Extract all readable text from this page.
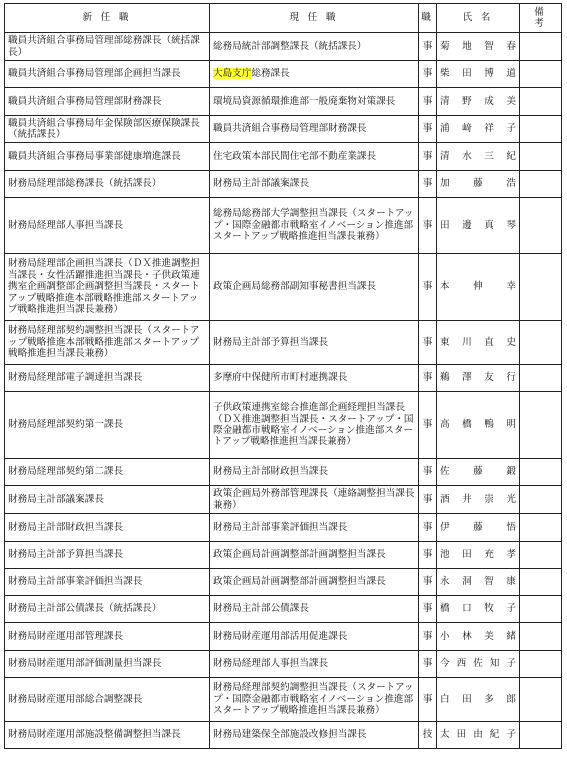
新任職	現任職	職	氏名	備考
職員共済組合事務局管理部総務課長（統括課長）	総務局統計部調整課長（統括課長）	事	菊地智春	
職員共済組合事務局管理部企画担当課長	大島支庁総務課長	事	柴田博道	
職員共済組合事務局管理部財務課長	環境局資源循環推進部一般廃棄物対策課長	事	清野成美	
職員共済組合事務局年金保険部医療保険課長（統括課長）	職員共済組合事務局管理部財務課長	事	浦﨑祥子	
職員共済組合事務局事業部健康増進課長	住宅政策本部民間住宅部不動産業課長	事	清水三紀	
財務局経理部総務課長（統括課長）	財務局主計部議案課長	事	加藤浩	
財務局経理部人事担当課長	総務局総務部大学調整担当課長（スタートアップ・国際金融都市戦略室イノベーション推進部スタートアップ戦略推進担当課長兼務）	事	田邊真琴	
財務局経理部企画担当課長（ＤＸ推進調整担当課長・女性活躍推進担当課長・子供政策連携室企画調整部企画調整担当課長・スタートアップ戦略推進本部戦略推進部スタートアップ戦略推進担当課長兼務）	政策企画局総務部副知事秘書担当課長	事	本伸幸	
財務局経理部契約調整担当課長（スタートアップ戦略推進本部戦略推進部スタートアップ戦略推進担当課長兼務）	財務局主計部予算担当課長	事	東川直史	
財務局経理部電子調達担当課長	多摩府中保健所市町村連携課長	事	鵜澤友行	
財務局経理部契約第一課長	子供政策連携室総合推進部企画経理担当課長（ＤＸ推進調整担当課長・スタートアップ・国際金融都市戦略室イノベーション推進部スタートアップ戦略推進担当課長兼務）	事	高橋鴨明	
財務局経理部契約第二課長	財務局主計部財政担当課長	事	佐藤鍛	
財務局主計部議案課長	政策企画局外務部管理課長（連絡調整担当課長兼務）	事	酒井崇光	
財務局主計部財政担当課長	財務局主計部事業評価担当課長	事	伊藤悟	
財務局主計部予算担当課長	政策企画局計画調整部計画調整担当課長	事	池田充孝	
財務局主計部事業評価担当課長	政策企画局計画調整部計画調整担当課長	事	永洞智康	
財務局主計部公債課長（統括課長）	財務局主計部公債課長	事	橋口牧子	
財務局財産運用部管理課長	財務局財産運用部活用促進課長	事	小林美緒	
財務局財産運用部評価測量担当課長	財務局経理部人事担当課長	事	今西佐知子	
財務局財産運用部総合調整課長	財務局経理部契約調整担当課長（スタートアップ・国際金融都市戦略室イノベーション推進部スタートアップ戦略推進担当課長兼務）	事	白田多郎	
財務局財産運用部施設整備調整担当課長	財務局建築保全部施設改修担当課長	技	太田由紀子	
